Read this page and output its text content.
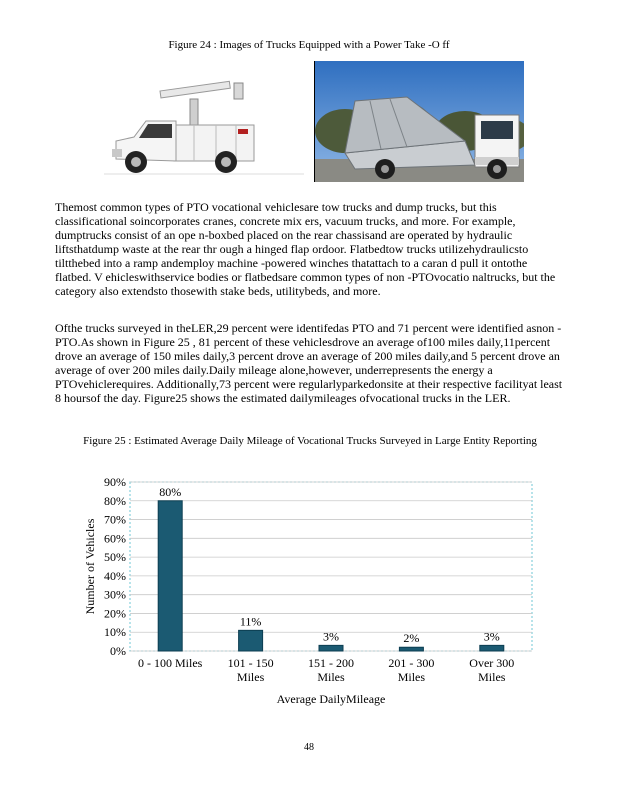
Figure 24 : Images of Trucks Equipped with a Power Take -O ff

Themost common types of PTO vocational vehiclesare tow trucks and dump trucks, but this classificational soincorporates cranes, concrete mix ers, vacuum trucks, and more. For example, dumptrucks consist of an ope n-boxbed placed on the rear chassisand are operated by hydraulic liftsthatdump waste at the rear thr ough a hinged flap ordoor. Flatbedtow trucks utilizehydraulicsto tiltthebed into a ramp andemploy machine -powered winches thatattach to a caran d pull it ontothe flatbed. V ehicleswithservice bodies or flatbedsare common types of non -PTOvocatio naltrucks, but the category also extendsto thosewith stake beds, utilitybeds, and more.

Ofthe trucks surveyed in theLER,29 percent were identifedas PTO and 71 percent were identified asnon -PTO.As shown in Figure 25 , 81 percent of these vehiclesdrove an average of100 miles daily,11percent drove an average of 150 miles daily,3 percent drove an average of 200 miles daily,and 5 percent drove an average of over 200 miles daily.Daily mileage alone,however, underrepresents the energy a PTOvehiclerequires. Additionally,73 percent were regularlyparkedonsite at their respective facilityat least 8 hoursof the day. Figure25 shows the estimated dailymileages ofvocational trucks in the LER.

Figure 25 : Estimated Average Daily Mileage of Vocational Trucks Surveyed in Large Entity Reporting
0%
10%
20%
30%
40%
50%
60%
70%
80%
90%
80%
0 - 100 Miles
11%
101 - 150
Miles
3%
151 - 200
Miles
2%
201 - 300
Miles
3%
Over 300
Miles
Average DailyMileage
Number of Vehicles
48
